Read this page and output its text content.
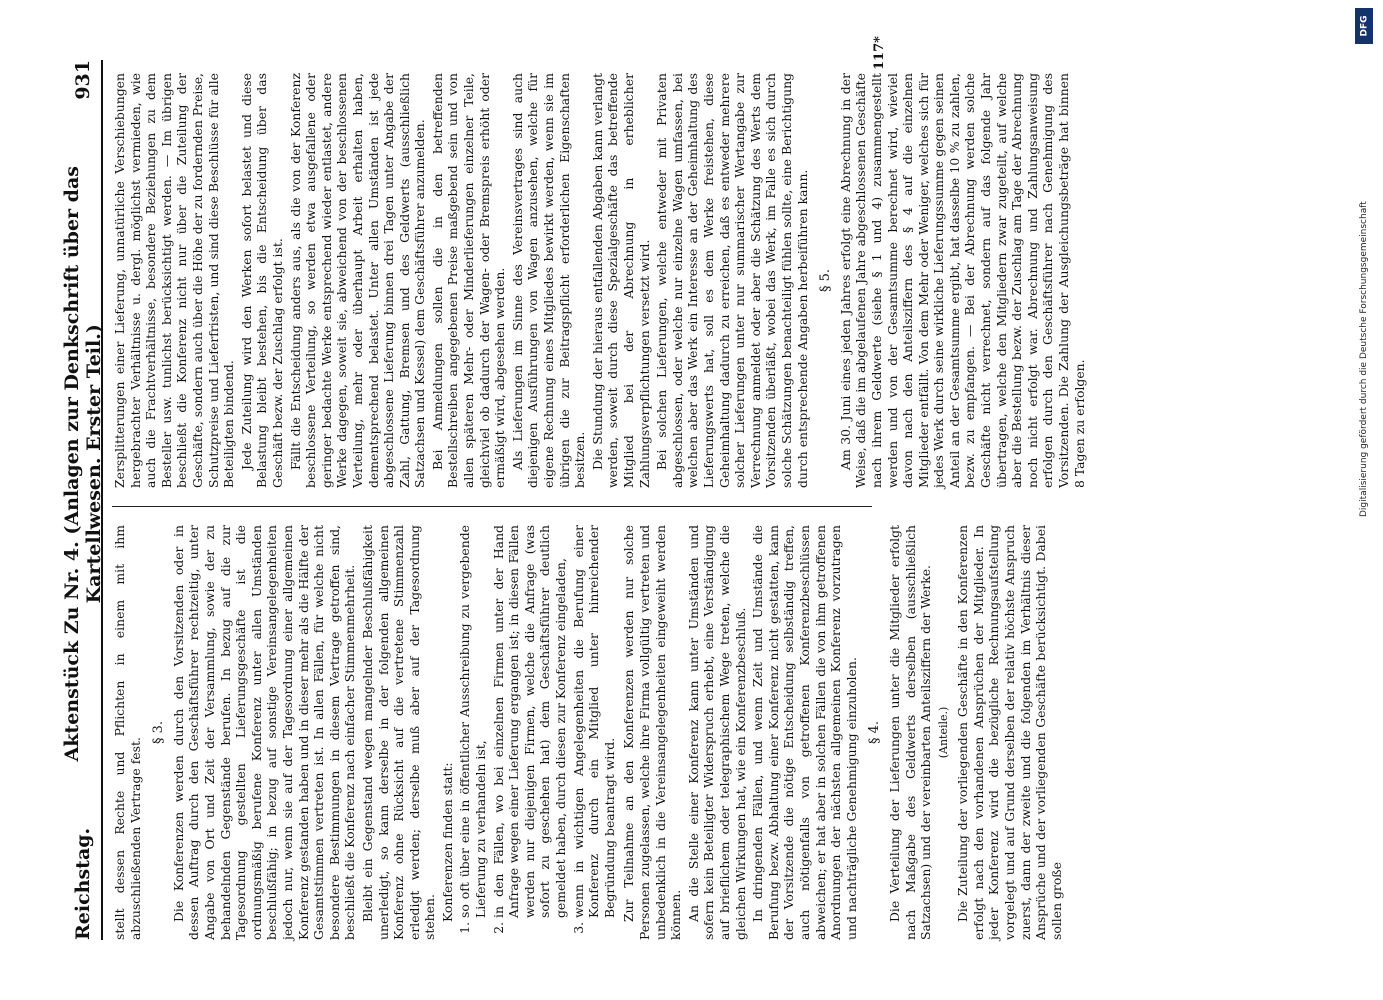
Reichstag.
Aktenstück Zu Nr. 4. (Anlagen zur Denkschrift über das Kartellwesen. Erster Teil.)
931

stellt dessen Rechte und Pflichten in einem mit ihm abzuschließenden Vertrage fest.

§ 3. Die Konferenzen werden durch den Vorsitzenden oder in dessen Auftrag durch den Geschäftsführer rechtzeitig, unter Angabe von Ort und Zeit der Versammlung, sowie der zu behandelnden Gegenstände berufen. In bezug auf die zur Tagesordnung gestellten Lieferungsgeschäfte ist die ordnungsmäßig berufene Konferenz unter allen Umständen beschlußfähig; in bezug auf sonstige Vereinsangelegenheiten jedoch nur, wenn sie auf der Tagesordnung einer allgemeinen Konferenz gestanden haben und in dieser mehr als die Hälfte der Gesamtstimmen vertreten ist. In allen Fällen, für welche nicht besondere Bestimmungen in diesem Vertrage getroffen sind, beschließt die Konferenz nach einfacher Stimmenmehrheit. Bleibt ein Gegenstand wegen mangelnder Beschlußfähigkeit unerledigt, so kann derselbe in der folgenden allgemeinen Konferenz ohne Rücksicht auf die vertretene Stimmenzahl erledigt werden; derselbe muß aber auf der Tagesordnung stehen. Konferenzen finden statt: 1. so oft über eine in öffentlicher Ausschreibung zu vergebende Lieferung zu verhandeln ist, 2. in den Fällen, wo bei einzelnen Firmen unter der Hand Anfrage wegen einer Lieferung ergangen ist; in diesen Fällen werden nur diejenigen Firmen, welche die Anfrage (was sofort zu geschehen hat) dem Geschäftsführer deutlich gemeldet haben, durch diesen zur Konferenz eingeladen, 3. wenn in wichtigen Angelegenheiten die Berufung einer Konferenz durch ein Mitglied unter hinreichender Begründung beantragt wird. Zur Teilnahme an den Konferenzen werden nur solche Personen zugelassen, welche ihre Firma vollgültig vertreten und unbedenklich in die Vereinsangelegenheiten eingeweiht werden können. An die Stelle einer Konferenz kann unter Umständen und sofern kein Beteiligter Widerspruch erhebt, eine Verständigung auf brieflichem oder telegraphischem Wege treten, welche die gleichen Wirkungen hat, wie ein Konferenzbeschluß. In dringenden Fällen, und wenn Zeit und Umstände die Berufung bezw. Abhaltung einer Konferenz nicht gestatten, kann der Vorsitzende die nötige Entscheidung selbständig treffen, auch nötigenfalls von getroffenen Konferenzbeschlüssen abweichen; er hat aber in solchen Fällen die von ihm getroffenen Anordnungen der nächsten allgemeinen Konferenz vorzutragen und nachträgliche Genehmigung einzuholen. § 4. Die Verteilung der Lieferungen unter die Mitglieder erfolgt nach Maßgabe des Geldwerts derselben (ausschließlich Satzachsen) und der vereinbarten Anteilsziffern der Werke. (Anteile.) Die Zuteilung der vorliegenden Geschäfte in den Konferenzen erfolgt nach den vorhandenen Ansprüchen der Mitglieder. In jeder Konferenz wird die bezügliche Rechnungsaufstellung vorgelegt und auf Grund derselben der relativ höchste Anspruch zuerst, dann der zweite und die folgenden im Verhältnis dieser Ansprüche und der vorliegenden Geschäfte berücksichtigt. Dabei sollen große

Zersplitterungen einer Lieferung, unnatürliche Verschiebungen hergebrachter Verhältnisse u. dergl. möglichst vermieden, wie auch die Frachtverhältnisse, besondere Beziehungen zu dem Besteller usw. tunlichst berücksichtigt werden. — Im übrigen beschließt die Konferenz nicht nur über die Zuteilung der Geschäfte, sondern auch über die Höhe der zu fordernden Preise, Schutzpreise und Lieferfristen, und sind diese Beschlüsse für alle Beteiligten bindend. Jede Zuteilung wird den Werken sofort belastet und diese Belastung bleibt bestehen, bis die Entscheidung über das Geschäft bezw. der Zuschlag erfolgt ist. Fällt die Entscheidung anders aus, als die von der Konferenz beschlossene Verteilung, so werden etwa ausgefallene oder geringer bedachte Werke entsprechend wieder entlastet, andere Werke dagegen, soweit sie, abweichend von der beschlossenen Verteilung, mehr oder überhaupt Arbeit erhalten haben, dementsprechend belastet. Unter allen Umständen ist jede abgeschlossene Lieferung binnen drei Tagen unter Angabe der Zahl, Gattung, Bremsen und des Geldwerts (ausschließlich Satzachsen und Kessel) dem Geschäftsführer anzumelden. Bei Anmeldungen sollen die in den betreffenden Bestellschreiben angegebenen Preise maßgebend sein und von allen späteren Mehr- oder Minderlieferungen einzelner Teile, gleichviel ob dadurch der Wagen- oder Bremspreis erhöht oder ermäßigt wird, abgesehen werden. Als Lieferungen im Sinne des Vereinsvertrages sind auch diejenigen Ausführungen von Wagen anzusehen, welche für eigene Rechnung eines Mitgliedes bewirkt werden, wenn sie im übrigen die zur Beitragspflicht erforderlichen Eigenschaften besitzen. Die Stundung der hieraus entfallenden Abgaben kann verlangt werden, soweit durch diese Spezialgeschäfte das betreffende Mitglied bei der Abrechnung in erheblicher Zahlungsverpflichtungen versetzt wird. Bei solchen Lieferungen, welche entweder mit Privaten abgeschlossen, oder welche nur einzelne Wagen umfassen, bei welchen aber das Werk ein Interesse an der Geheimhaltung des Lieferungswerts hat, soll es dem Werke freistehen, diese Geheimhaltung dadurch zu erreichen, daß es entweder mehrere solcher Lieferungen unter nur summarischer Wertangabe zur Verrechnung anmeldet oder aber die Schätzung des Werts dem Vorsitzenden überläßt, wobei das Werk, im Falle es sich durch solche Schätzungen benachteiligt fühlen sollte, eine Berichtigung durch entsprechende Angaben herbeiführen kann. § 5. Am 30. Juni eines jeden Jahres erfolgt eine Abrechnung in der Weise, daß die im abgelaufenen Jahre abgeschlossenen Geschäfte nach ihrem Geldwerte (siehe § 1 und 4) zusammengestellt werden und von der Gesamtsumme berechnet wird, wieviel davon nach den Anteilsziffern des § 4 auf die einzelnen Mitglieder entfällt. Von dem Mehr oder Weniger, welches sich für jedes Werk durch seine wirkliche Lieferungssumme gegen seinen Anteil an der Gesamtsumme ergibt, hat dasselbe 10 % zu zahlen, bezw. zu empfangen. — Bei der Abrechnung werden solche Geschäfte nicht verrechnet, sondern auf das folgende Jahr übertragen, welche den Mitgliedern zwar zugeteilt, auf welche aber die Bestellung bezw. der Zuschlag am Tage der Abrechnung noch nicht erfolgt war. Abrechnung und Zahlungsanweisung erfolgen durch den Geschäftsführer nach Genehmigung des Vorsitzenden. Die Zahlung der Ausgleichungsbeträge hat binnen 8 Tagen zu erfolgen.

117*
DFG
Digitalisierung gefördert durch die Deutsche Forschungsgemeinschaft
